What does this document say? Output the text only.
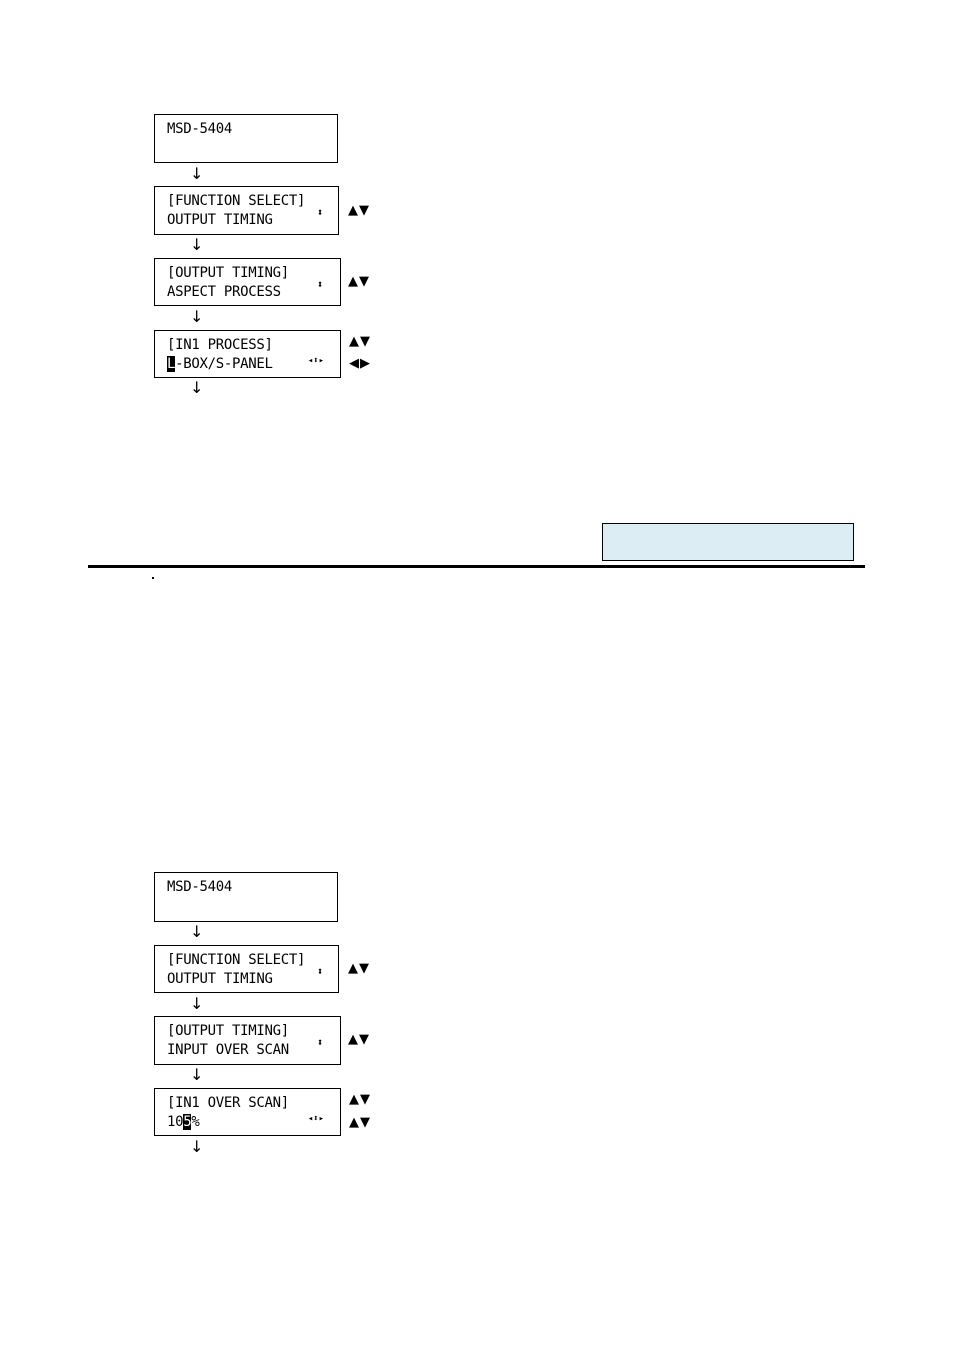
MSD-5404
↓
[FUNCTION SELECT]
OUTPUT TIMING	⬍ ▲▼
↓
[OUTPUT TIMING]
ASPECT PROCESS	⬍ ▲▼
↓
[IN1 PROCESS]
L-BOX/S-PANEL	◂⬍▸
▲▼
◀▶
↓
MSD-5404
↓
[FUNCTION SELECT]
OUTPUT TIMING	⬍ ▲▼
↓
[OUTPUT TIMING]
INPUT OVER SCAN	⬍ ▲▼
↓
[IN1 OVER SCAN]
105%	◂⬍▸
▲▼
▲▼
↓
